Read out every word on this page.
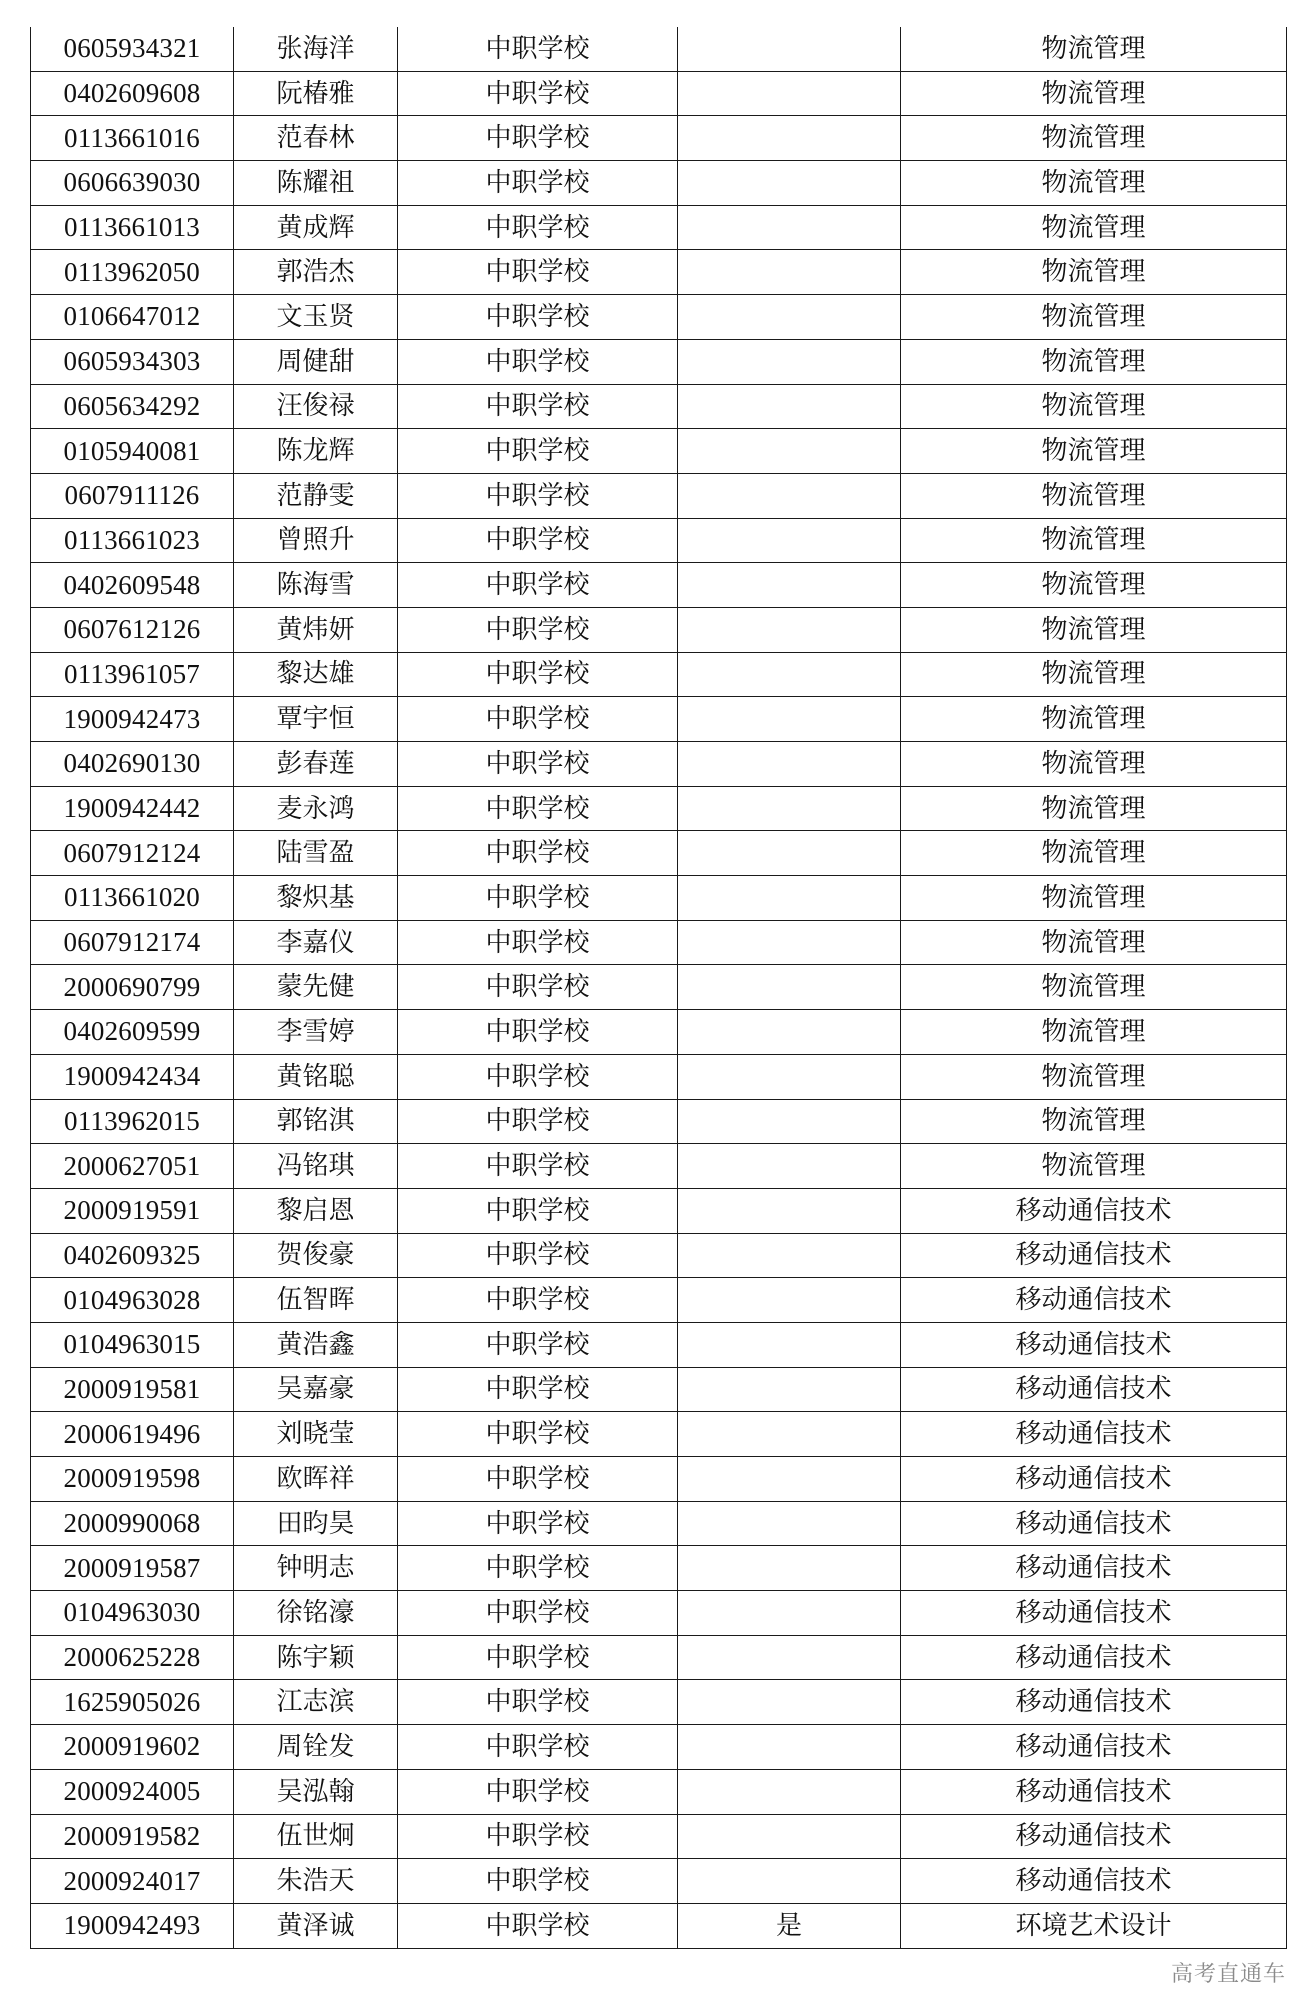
0605934321	张海洋	中职学校		物流管理
0402609608	阮椿雅	中职学校		物流管理
0113661016	范春林	中职学校		物流管理
0606639030	陈耀祖	中职学校		物流管理
0113661013	黄成辉	中职学校		物流管理
0113962050	郭浩杰	中职学校		物流管理
0106647012	文玉贤	中职学校		物流管理
0605934303	周健甜	中职学校		物流管理
0605634292	汪俊禄	中职学校		物流管理
0105940081	陈龙辉	中职学校		物流管理
0607911126	范静雯	中职学校		物流管理
0113661023	曾照升	中职学校		物流管理
0402609548	陈海雪	中职学校		物流管理
0607612126	黄炜妍	中职学校		物流管理
0113961057	黎达雄	中职学校		物流管理
1900942473	覃宇恒	中职学校		物流管理
0402690130	彭春莲	中职学校		物流管理
1900942442	麦永鸿	中职学校		物流管理
0607912124	陆雪盈	中职学校		物流管理
0113661020	黎炽基	中职学校		物流管理
0607912174	李嘉仪	中职学校		物流管理
2000690799	蒙先健	中职学校		物流管理
0402609599	李雪婷	中职学校		物流管理
1900942434	黄铭聪	中职学校		物流管理
0113962015	郭铭淇	中职学校		物流管理
2000627051	冯铭琪	中职学校		物流管理
2000919591	黎启恩	中职学校		移动通信技术
0402609325	贺俊豪	中职学校		移动通信技术
0104963028	伍智晖	中职学校		移动通信技术
0104963015	黄浩鑫	中职学校		移动通信技术
2000919581	吴嘉豪	中职学校		移动通信技术
2000619496	刘晓莹	中职学校		移动通信技术
2000919598	欧晖祥	中职学校		移动通信技术
2000990068	田昀昊	中职学校		移动通信技术
2000919587	钟明志	中职学校		移动通信技术
0104963030	徐铭濠	中职学校		移动通信技术
2000625228	陈宇颖	中职学校		移动通信技术
1625905026	江志滨	中职学校		移动通信技术
2000919602	周铨发	中职学校		移动通信技术
2000924005	吴泓翰	中职学校		移动通信技术
2000919582	伍世炯	中职学校		移动通信技术
2000924017	朱浩天	中职学校		移动通信技术
1900942493	黄泽诚	中职学校	是	环境艺术设计
高考直通车
